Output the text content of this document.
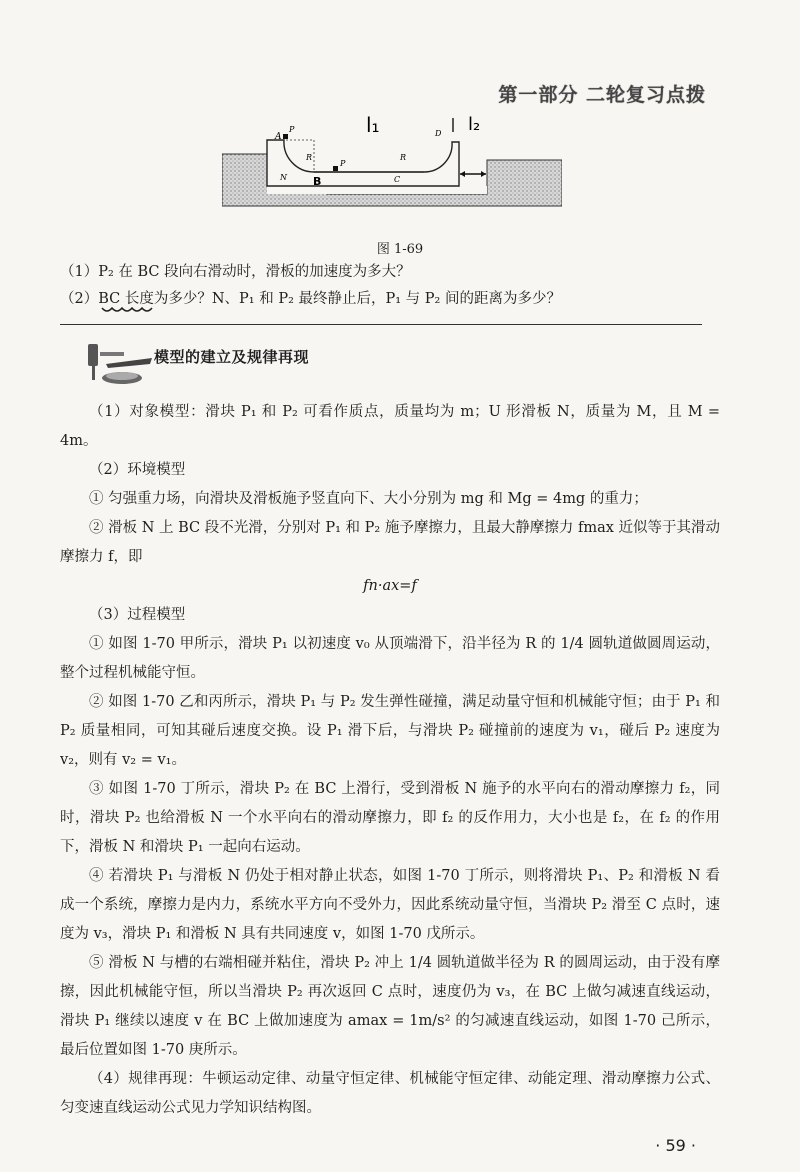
第一部分 二轮复习点拨
A
P
R
P
N B	C
R
D
l₁	l₂
图 1-69
（1）P₂ 在 BC 段向右滑动时，滑板的加速度为多大？
（2）BC 长度为多少？N、P₁ 和 P₂ 最终静止后，P₁ 与 P₂ 间的距离为多少？
模型的建立及规律再现

（1）对象模型：滑块 P₁ 和 P₂ 可看作质点，质量均为 m；U 形滑板 N，质量为 M，且 M = 4m。

（2）环境模型

① 匀强重力场，向滑块及滑板施予竖直向下、大小分别为 mg 和 Mg = 4mg 的重力；

② 滑板 N 上 BC 段不光滑，分别对 P₁ 和 P₂ 施予摩擦力，且最大静摩擦力 fmax 近似等于其滑动摩擦力 f，即

fn·ax=f

（3）过程模型

① 如图 1-70 甲所示，滑块 P₁ 以初速度 v₀ 从顶端滑下，沿半径为 R 的 1/4 圆轨道做圆周运动，整个过程机械能守恒。

② 如图 1-70 乙和丙所示，滑块 P₁ 与 P₂ 发生弹性碰撞，满足动量守恒和机械能守恒；由于 P₁ 和 P₂ 质量相同，可知其碰后速度交换。设 P₁ 滑下后，与滑块 P₂ 碰撞前的速度为 v₁，碰后 P₂ 速度为 v₂，则有 v₂ = v₁。

③ 如图 1-70 丁所示，滑块 P₂ 在 BC 上滑行，受到滑板 N 施予的水平向右的滑动摩擦力 f₂，同时，滑块 P₂ 也给滑板 N 一个水平向右的滑动摩擦力，即 f₂ 的反作用力，大小也是 f₂，在 f₂ 的作用下，滑板 N 和滑块 P₁ 一起向右运动。

④ 若滑块 P₁ 与滑板 N 仍处于相对静止状态，如图 1-70 丁所示，则将滑块 P₁、P₂ 和滑板 N 看成一个系统，摩擦力是内力，系统水平方向不受外力，因此系统动量守恒，当滑块 P₂ 滑至 C 点时，速度为 v₃，滑块 P₁ 和滑板 N 具有共同速度 v，如图 1-70 戊所示。

⑤ 滑板 N 与槽的右端相碰并粘住，滑块 P₂ 冲上 1/4 圆轨道做半径为 R 的圆周运动，由于没有摩擦，因此机械能守恒，所以当滑块 P₂ 再次返回 C 点时，速度仍为 v₃，在 BC 上做匀减速直线运动，滑块 P₁ 继续以速度 v 在 BC 上做加速度为 amax = 1m/s² 的匀减速直线运动，如图 1-70 己所示，最后位置如图 1-70 庚所示。

（4）规律再现：牛顿运动定律、动量守恒定律、机械能守恒定律、动能定理、滑动摩擦力公式、匀变速直线运动公式见力学知识结构图。

· 59 ·
